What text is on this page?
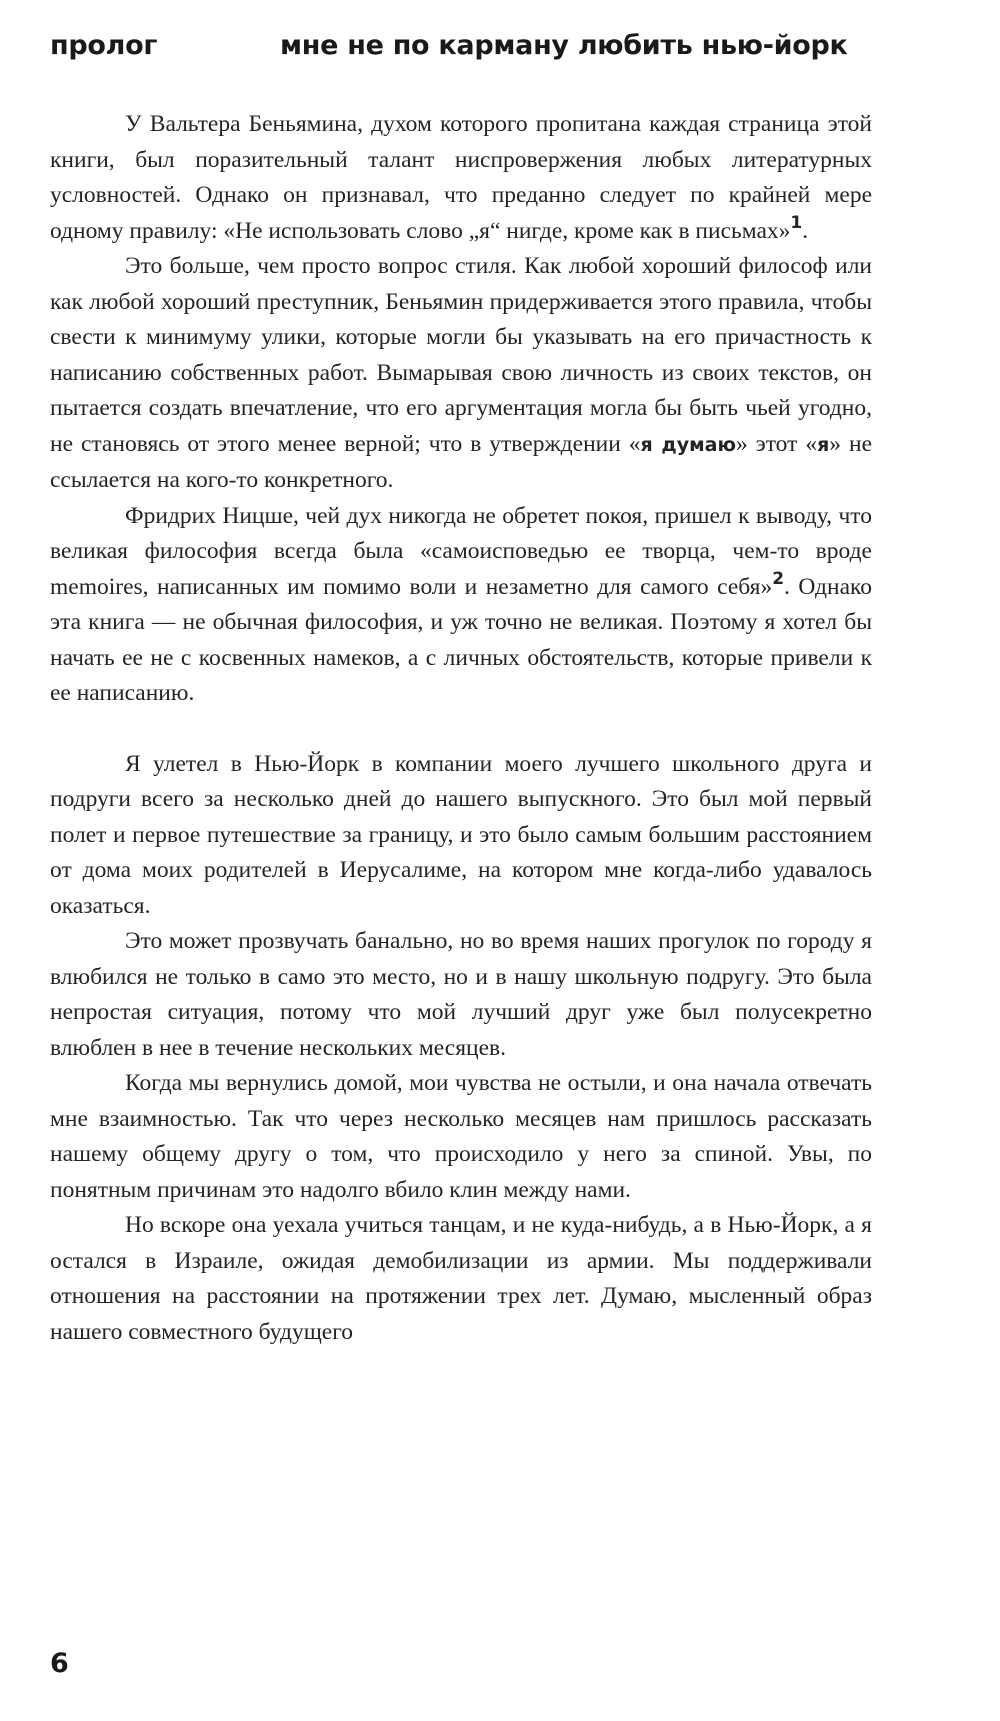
пролог	мне не по карману любить нью-йорк

У Вальтера Беньямина, духом которого пропитана каждая страница этой книги, был поразительный талант ниспровержения любых литературных условностей. Однако он признавал, что преданно следует по крайней мере одному правилу: «Не использовать слово „я“ нигде, кроме как в письмах»$^1$.

Это больше, чем просто вопрос стиля. Как любой хороший философ или как любой хороший преступник, Беньямин придерживается этого правила, чтобы свести к минимуму улики, которые могли бы указывать на его причастность к написанию собственных работ. Вымарывая свою личность из своих текстов, он пытается создать впечатление, что его аргументация могла бы быть чьей угодно, не становясь от этого менее верной; что в утверждении «я думаю» этот «я» не ссылается на кого-то конкретного.

Фридрих Ницше, чей дух никогда не обретет покоя, пришел к выводу, что великая философия всегда была «самоисповедью ее творца, чем-то вроде memoires, написанных им помимо воли и незаметно для самого себя»$^2$. Однако эта книга — не обычная философия, и уж точно не великая. Поэтому я хотел бы начать ее не с косвенных намеков, а с личных обстоятельств, которые привели к ее написанию.

Я улетел в Нью-Йорк в компании моего лучшего школьного друга и подруги всего за несколько дней до нашего выпускного. Это был мой первый полет и первое путешествие за границу, и это было самым большим расстоянием от дома моих родителей в Иерусалиме, на котором мне когда-либо удавалось оказаться.

Это может прозвучать банально, но во время наших прогулок по городу я влюбился не только в само это место, но и в нашу школьную подругу. Это была непростая ситуация, потому что мой лучший друг уже был полусекретно влюблен в нее в течение нескольких месяцев.

Когда мы вернулись домой, мои чувства не остыли, и она начала отвечать мне взаимностью. Так что через несколько месяцев нам пришлось рассказать нашему общему другу о том, что происходило у него за спиной. Увы, по понятным причинам это надолго вбило клин между нами.

Но вскоре она уехала учиться танцам, и не куда-нибудь, а в Нью-Йорк, а я остался в Израиле, ожидая демобилизации из армии. Мы поддерживали отношения на расстоянии на протяжении трех лет. Думаю, мысленный образ нашего совместного будущего

6
